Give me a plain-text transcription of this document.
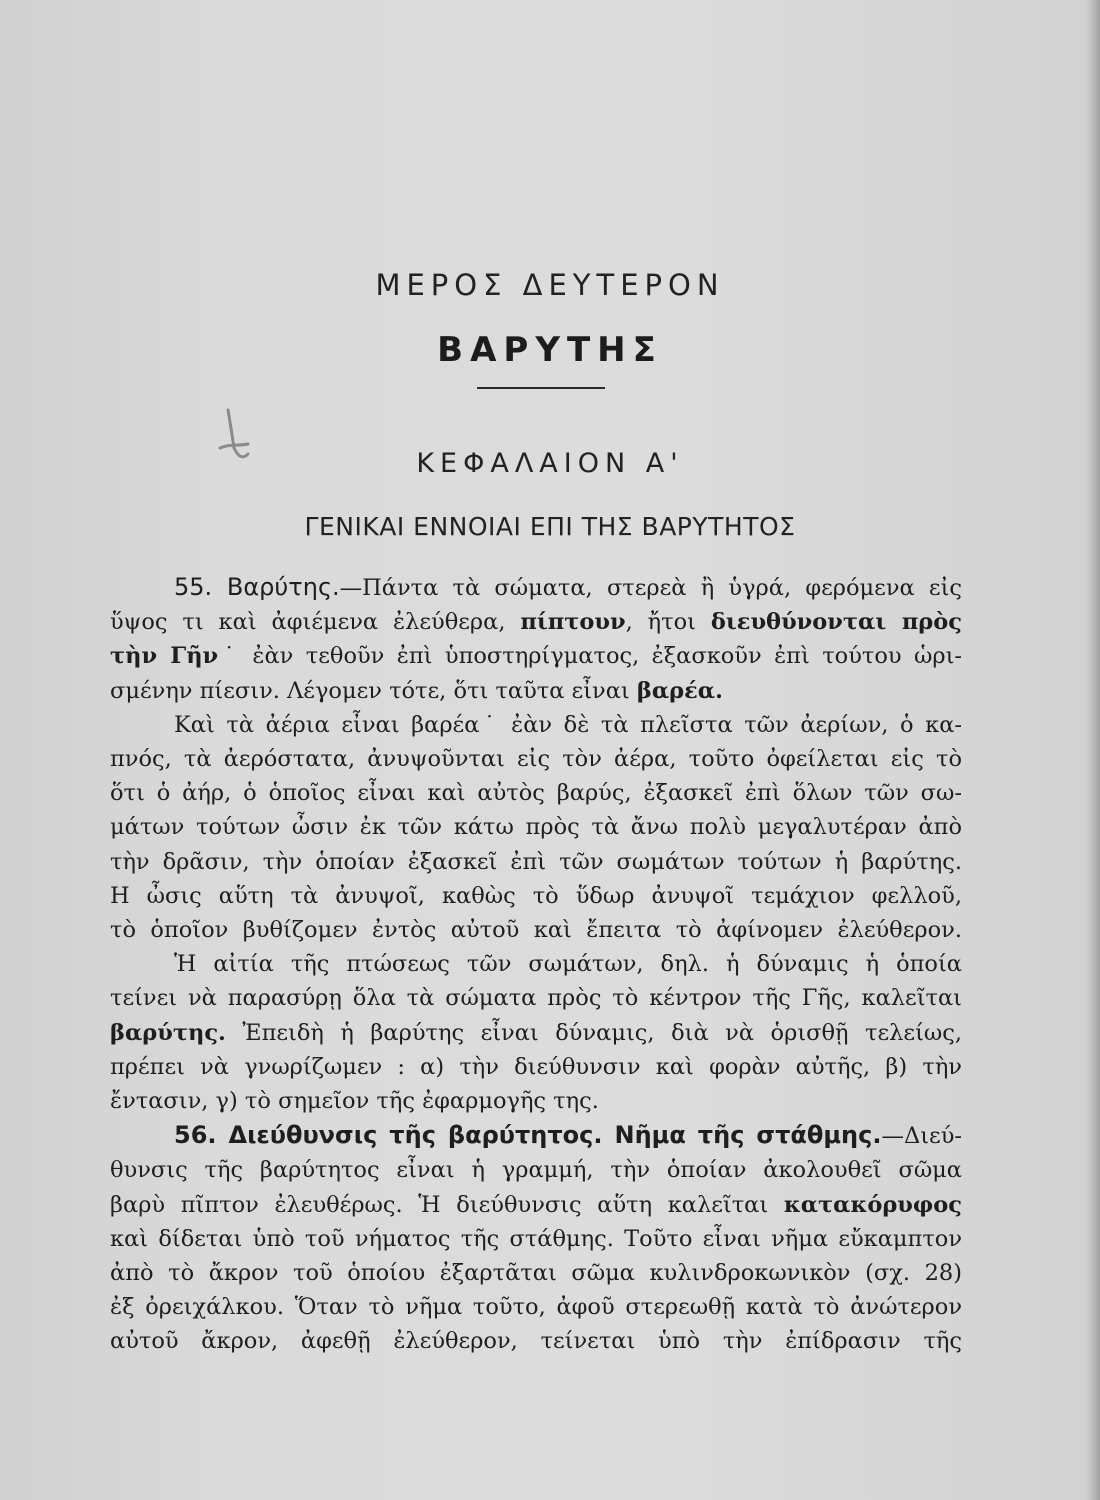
ΜΕΡΟΣ ΔΕΥΤΕΡΟΝ
ΒΑΡΥΤΗΣ
ΚΕΦΑΛΑΙΟΝ Α'
ΓΕΝΙΚΑΙ ΕΝΝΟΙΑΙ ΕΠΙ ΤΗΣ ΒΑΡΥΤΗΤΟΣ
55. Βαρύτης.—Πάντα τὰ σώματα, στερεὰ ἢ ὑγρά, φερόμενα εἰς
ὕψος τι καὶ ἀφιέμενα ἐλεύθερα, πίπτουν, ἤτοι διευθύνονται πρὸς
τὴν Γῆν˙ ἐὰν τεθοῦν ἐπὶ ὑποστηρίγματος, ἐξασκοῦν ἐπὶ τούτου ὡρι-
σμένην πίεσιν. Λέγομεν τότε, ὅτι ταῦτα εἶναι βαρέα.
Καὶ τὰ ἀέρια εἶναι βαρέα˙ ἐὰν δὲ τὰ πλεῖστα τῶν ἀερίων, ὁ κα-
πνός, τὰ ἀερόστατα, ἀνυψοῦνται εἰς τὸν ἀέρα, τοῦτο ὀφείλεται εἰς τὸ
ὅτι ὁ ἀήρ, ὁ ὁποῖος εἶναι καὶ αὐτὸς βαρύς, ἐξασκεῖ ἐπὶ ὅλων τῶν σω-
μάτων τούτων ὦσιν ἐκ τῶν κάτω πρὸς τὰ ἄνω πολὺ μεγαλυτέραν ἀπὸ
τὴν δρᾶσιν, τὴν ὁποίαν ἐξασκεῖ ἐπὶ τῶν σωμάτων τούτων ἡ βαρύτης.
Η ὦσις αὕτη τὰ ἀνυψοῖ, καθὼς τὸ ὕδωρ ἀνυψοῖ τεμάχιον φελλοῦ,
τὸ ὁποῖον βυθίζομεν ἐντὸς αὐτοῦ καὶ ἔπειτα τὸ ἀφίνομεν ἐλεύθερον.
Ἡ αἰτία τῆς πτώσεως τῶν σωμάτων, δηλ. ἡ δύναμις ἡ ὁποία
τείνει νὰ παρασύρῃ ὅλα τὰ σώματα πρὸς τὸ κέντρον τῆς Γῆς, καλεῖται
βαρύτης. Ἐπειδὴ ἡ βαρύτης εἶναι δύναμις, διὰ νὰ ὁρισθῇ τελείως,
πρέπει νὰ γνωρίζωμεν : α) τὴν διεύθυνσιν καὶ φορὰν αὐτῆς, β) τὴν
ἔντασιν, γ) τὸ σημεῖον τῆς ἐφαρμογῆς της.
56. Διεύθυνσις τῆς βαρύτητος. Νῆμα τῆς στάθμης.—Διεύ-
θυνσις τῆς βαρύτητος εἶναι ἡ γραμμή, τὴν ὁποίαν ἀκολουθεῖ σῶμα
βαρὺ πῖπτον ἐλευθέρως. Ἡ διεύθυνσις αὕτη καλεῖται κατακόρυφος
καὶ δίδεται ὑπὸ τοῦ νήματος τῆς στάθμης. Τοῦτο εἶναι νῆμα εὔκαμπτον
ἀπὸ τὸ ἄκρον τοῦ ὁποίου ἐξαρτᾶται σῶμα κυλινδροκωνικὸν (σχ. 28)
ἐξ ὀρειχάλκου. Ὅταν τὸ νῆμα τοῦτο, ἀφοῦ στερεωθῇ κατὰ τὸ ἀνώτερον
αὐτοῦ ἄκρον, ἀφεθῇ ἐλεύθερον, τείνεται ὑπὸ τὴν ἐπίδρασιν τῆς
